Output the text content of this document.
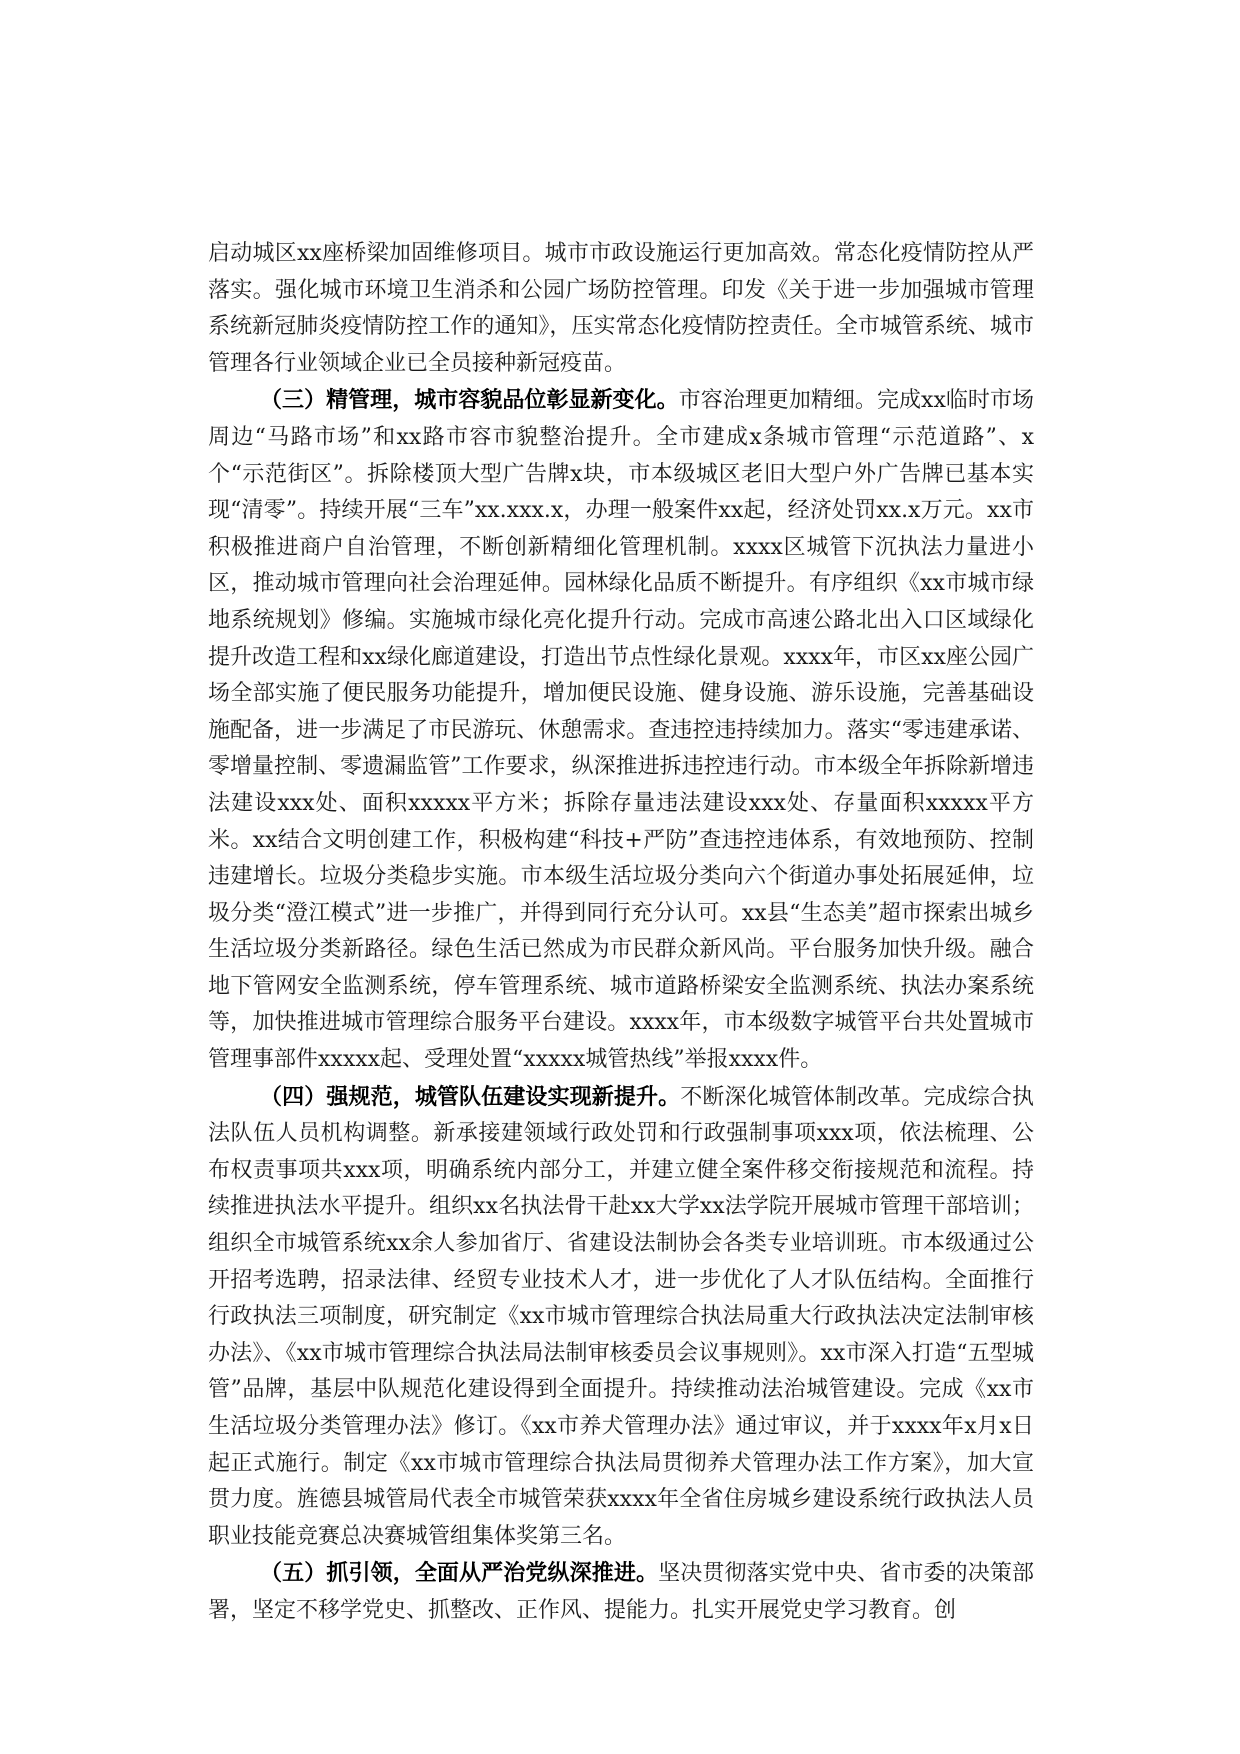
启动城区xx座桥梁加固维修项目。城市市政设施运行更加高效。常态化疫情防控从严落实。强化城市环境卫生消杀和公园广场防控管理。印发《关于进一步加强城市管理系统新冠肺炎疫情防控工作的通知》，压实常态化疫情防控责任。全市城管系统、城市管理各行业领域企业已全员接种新冠疫苗。

（三）精管理，城市容貌品位彰显新变化。市容治理更加精细。完成xx临时市场周边“马路市场”和xx路市容市貌整治提升。全市建成x条城市管理“示范道路”、x个“示范街区”。拆除楼顶大型广告牌x块，市本级城区老旧大型户外广告牌已基本实现“清零”。持续开展“三车”xx.xxx.x，办理一般案件xx起，经济处罚xx.x万元。xx市积极推进商户自治管理，不断创新精细化管理机制。xxxx区城管下沉执法力量进小区，推动城市管理向社会治理延伸。园林绿化品质不断提升。有序组织《xx市城市绿地系统规划》修编。实施城市绿化亮化提升行动。完成市高速公路北出入口区域绿化提升改造工程和xx绿化廊道建设，打造出节点性绿化景观。xxxx年，市区xx座公园广场全部实施了便民服务功能提升，增加便民设施、健身设施、游乐设施，完善基础设施配备，进一步满足了市民游玩、休憩需求。查违控违持续加力。落实“零违建承诺、零增量控制、零遗漏监管”工作要求，纵深推进拆违控违行动。市本级全年拆除新增违法建设xxx处、面积xxxxx平方米；拆除存量违法建设xxx处、存量面积xxxxx平方米。xx结合文明创建工作，积极构建“科技+严防”查违控违体系，有效地预防、控制违建增长。垃圾分类稳步实施。市本级生活垃圾分类向六个街道办事处拓展延伸，垃圾分类“澄江模式”进一步推广，并得到同行充分认可。xx县“生态美”超市探索出城乡生活垃圾分类新路径。绿色生活已然成为市民群众新风尚。平台服务加快升级。融合地下管网安全监测系统，停车管理系统、城市道路桥梁安全监测系统、执法办案系统等，加快推进城市管理综合服务平台建设。xxxx年，市本级数字城管平台共处置城市管理事部件xxxxx起、受理处置“xxxxx城管热线”举报xxxx件。

（四）强规范，城管队伍建设实现新提升。不断深化城管体制改革。完成综合执法队伍人员机构调整。新承接建领域行政处罚和行政强制事项xxx项，依法梳理、公布权责事项共xxx项，明确系统内部分工，并建立健全案件移交衔接规范和流程。持续推进执法水平提升。组织xx名执法骨干赴xx大学xx法学院开展城市管理干部培训；组织全市城管系统xx余人参加省厅、省建设法制协会各类专业培训班。市本级通过公开招考选聘，招录法律、经贸专业技术人才，进一步优化了人才队伍结构。全面推行行政执法三项制度，研究制定《xx市城市管理综合执法局重大行政执法决定法制审核办法》、《xx市城市管理综合执法局法制审核委员会议事规则》。xx市深入打造“五型城管”品牌，基层中队规范化建设得到全面提升。持续推动法治城管建设。完成《xx市生活垃圾分类管理办法》修订。《xx市养犬管理办法》通过审议，并于xxxx年x月x日起正式施行。制定《xx市城市管理综合执法局贯彻养犬管理办法工作方案》，加大宣贯力度。旌德县城管局代表全市城管荣获xxxx年全省住房城乡建设系统行政执法人员职业技能竞赛总决赛城管组集体奖第三名。

（五）抓引领，全面从严治党纵深推进。坚决贯彻落实党中央、省市委的决策部署，坚定不移学党史、抓整改、正作风、提能力。扎实开展党史学习教育。创
